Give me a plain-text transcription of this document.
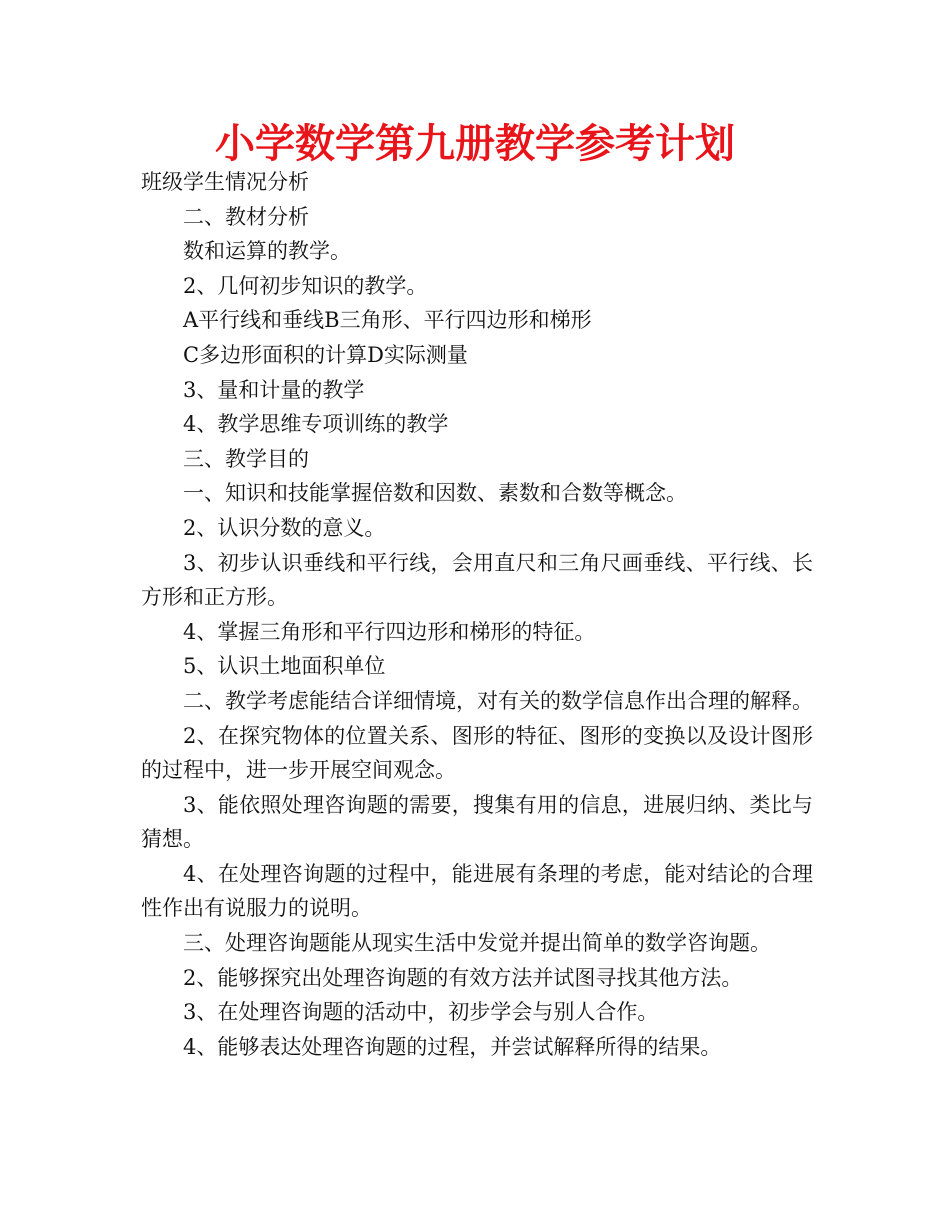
小学数学第九册教学参考计划

班级学生情况分析

二、教材分析

数和运算的教学。

2、几何初步知识的教学。

A平行线和垂线B三角形、平行四边形和梯形

C多边形面积的计算D实际测量

3、量和计量的教学

4、教学思维专项训练的教学

三、教学目的

一、知识和技能掌握倍数和因数、素数和合数等概念。

2、认识分数的意义。

3、初步认识垂线和平行线，会用直尺和三角尺画垂线、平行线、长方形和正方形。

4、掌握三角形和平行四边形和梯形的特征。

5、认识土地面积单位

二、教学考虑能结合详细情境，对有关的数学信息作出合理的解释。

2、在探究物体的位置关系、图形的特征、图形的变换以及设计图形的过程中，进一步开展空间观念。

3、能依照处理咨询题的需要，搜集有用的信息，进展归纳、类比与猜想。

4、在处理咨询题的过程中，能进展有条理的考虑，能对结论的合理性作出有说服力的说明。

三、处理咨询题能从现实生活中发觉并提出简单的数学咨询题。

2、能够探究出处理咨询题的有效方法并试图寻找其他方法。

3、在处理咨询题的活动中，初步学会与别人合作。

4、能够表达处理咨询题的过程，并尝试解释所得的结果。
